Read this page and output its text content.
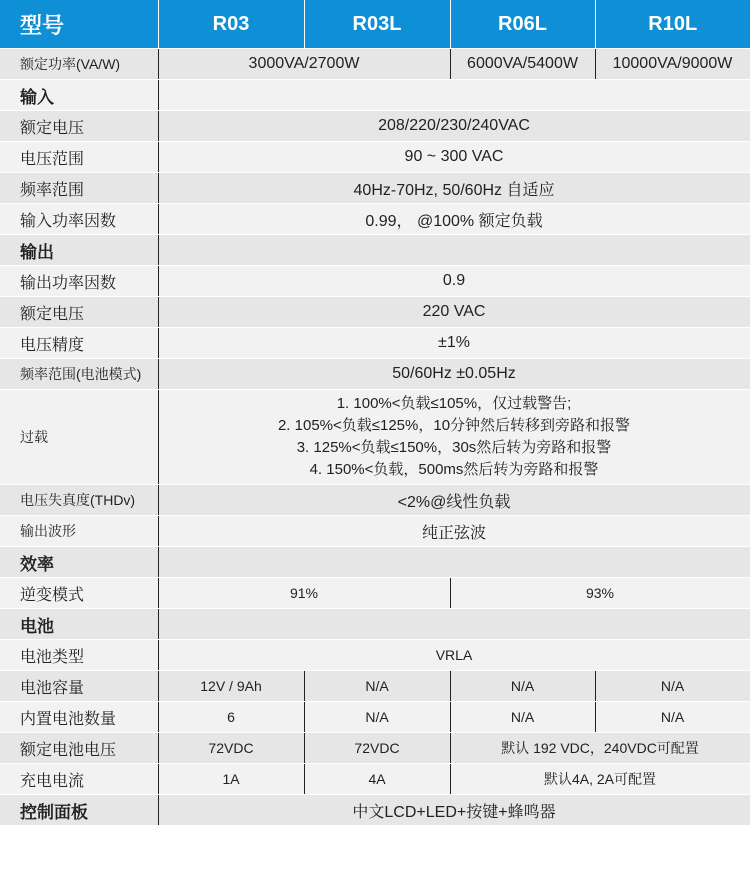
型号	R03	R03L	R06L	R10L
额定功率(VA/W)	3000VA/2700W		6000VA/5400W	10000VA/9000W
输入				
额定电压	208/220/230/240VAC			
电压范围	90 ~ 300 VAC			
频率范围	40Hz-70Hz, 50/60Hz 自适应			
输入功率因数	0.99， @100% 额定负载			
输出				
输出功率因数	0.9			
额定电压	220 VAC			
电压精度	±1%			
频率范围(电池模式)	50/60Hz ±0.05Hz			
过载	1. 100%<负载≤105%，仅过载警告;
2. 105%<负载≤125%，10分钟然后转移到旁路和报警
3. 125%<负载≤150%，30s然后转为旁路和报警
4. 150%<负载，500ms然后转为旁路和报警			

电压失真度(THDv)	<2%@线性负载			
输出波形	纯正弦波			
效率				
逆变模式	91%		93%	
电池				
电池类型	VRLA			
电池容量	12V / 9Ah	N/A	N/A	N/A
内置电池数量	6	N/A	N/A	N/A
额定电池电压	72VDC	72VDC	默认 192 VDC，240VDC可配置	
充电电流	1A	4A	默认4A, 2A可配置	
控制面板	中文LCD+LED+按键+蜂鸣器			
